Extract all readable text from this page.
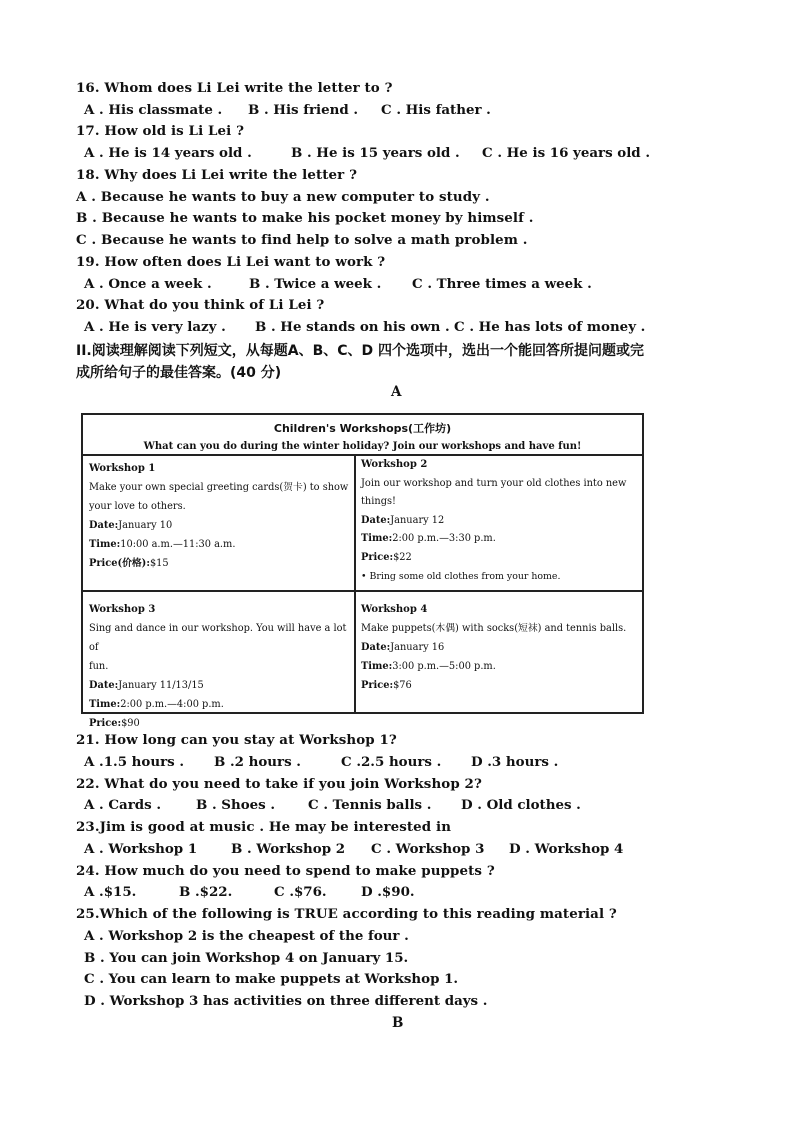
16. Whom does Li Lei write the letter to ?
A . His classmate . B . His friend . C . His father .
17. How old is Li Lei ?
A . He is 14 years old .	B . He is 15 years old . C . He is 16 years old .
18. Why does Li Lei write the letter ?
A . Because he wants to buy a new computer to study .
B . Because he wants to make his pocket money by himself .
C . Because he wants to find help to solve a math problem .
19. How often does Li Lei want to work ?
A . Once a week .	B . Twice a week . C . Three times a week .
20. What do you think of Li Lei ?
A . He is very lazy . B . He stands on his own . C . He has lots of money .
II.阅读理解阅读下列短文，从每题A、B、C、D 四个选项中，选出一个能回答所提问题或完
成所给句子的最佳答案。(40 分)
A
Children's Workshops(工作坊)
What can you do during the winter holiday? Join our workshops and have fun!
Workshop 1
Make your own special greeting cards(贺卡) to show
your love to others.
Date:January 10
Time:10:00 a.m.—11:30 a.m.
Price(价格):$15
Workshop 2
Join our workshop and turn your old clothes into new
things!
Date:January 12
Time:2:00 p.m.—3:30 p.m.
Price:$22
• Bring some old clothes from your home.
Workshop 3
Sing and dance in our workshop. You will have a lot of
fun.
Date:January 11/13/15
Time:2:00 p.m.—4:00 p.m.
Price:$90
Workshop 4
Make puppets(木偶) with socks(短袜) and tennis balls.
Date:January 16
Time:3:00 p.m.—5:00 p.m.
Price:$76
21. How long can you stay at Workshop 1?
A .1.5 hours . B .2 hours .	C .2.5 hours . D .3 hours .
22. What do you need to take if you join Workshop 2?
A . Cards .	B . Shoes . C . Tennis balls . D . Old clothes .
23.Jim is good at music . He may be interested in
A . Workshop 1	B . Workshop 2 C . Workshop 3 D . Workshop 4
24. How much do you need to spend to make puppets ?
A .$15.	B .$22.	C .$76.	D .$90.
25.Which of the following is TRUE according to this reading material ?
A . Workshop 2 is the cheapest of the four .
B . You can join Workshop 4 on January 15.
C . You can learn to make puppets at Workshop 1.
D . Workshop 3 has activities on three different days .
B
